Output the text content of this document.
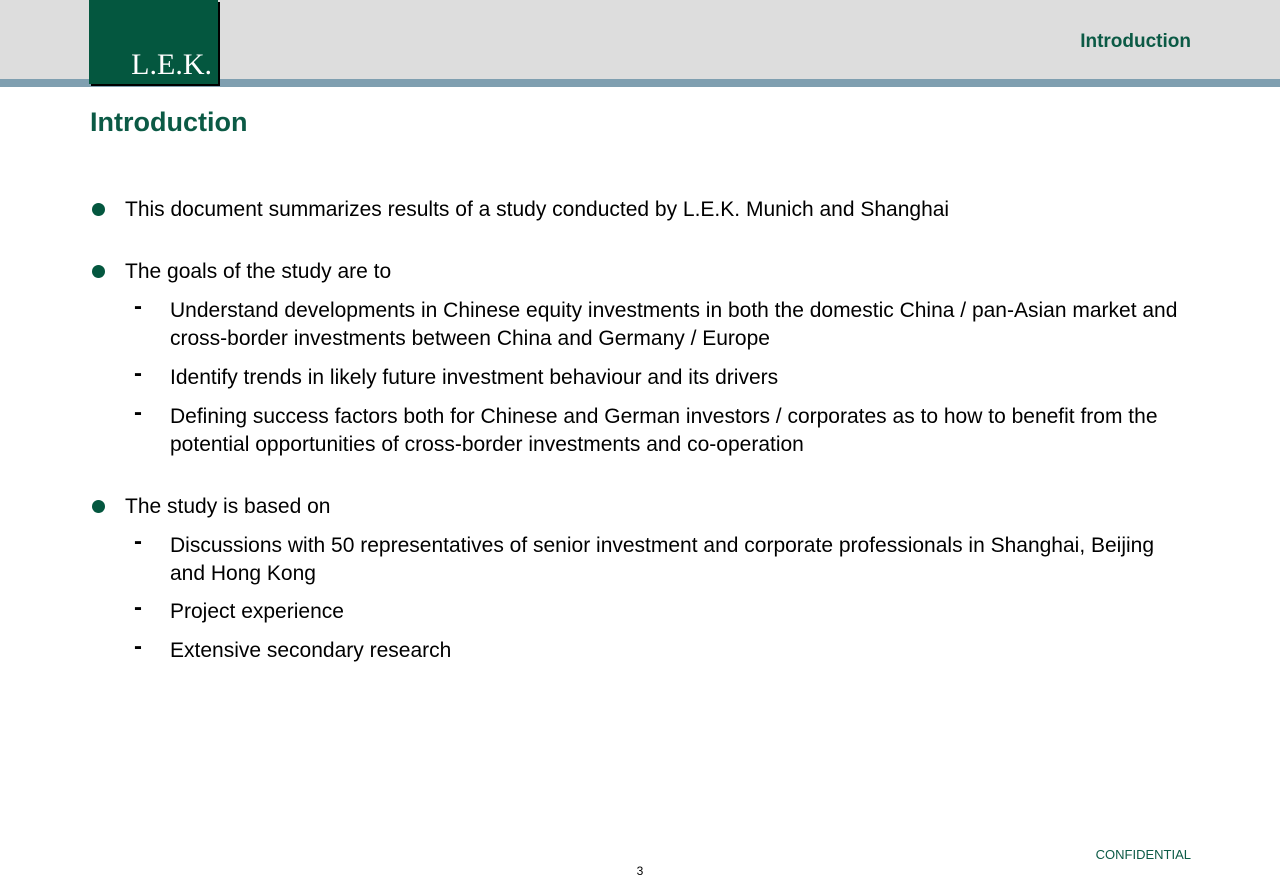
L.E.K.
Introduction
Introduction
This document summarizes results of a study conducted by L.E.K. Munich and Shanghai
The goals of the study are to
- Understand developments in Chinese equity investments in both the domestic China / pan-Asian market and cross-border investments between China and Germany / Europe
- Identify trends in likely future investment behaviour and its drivers
- Defining success factors both for Chinese and German investors / corporates as to how to benefit from the potential opportunities of cross-border investments and co-operation
The study is based on
- Discussions with 50 representatives of senior investment and corporate professionals in Shanghai, Beijing and Hong Kong
- Project experience
- Extensive secondary research
CONFIDENTIAL
3
